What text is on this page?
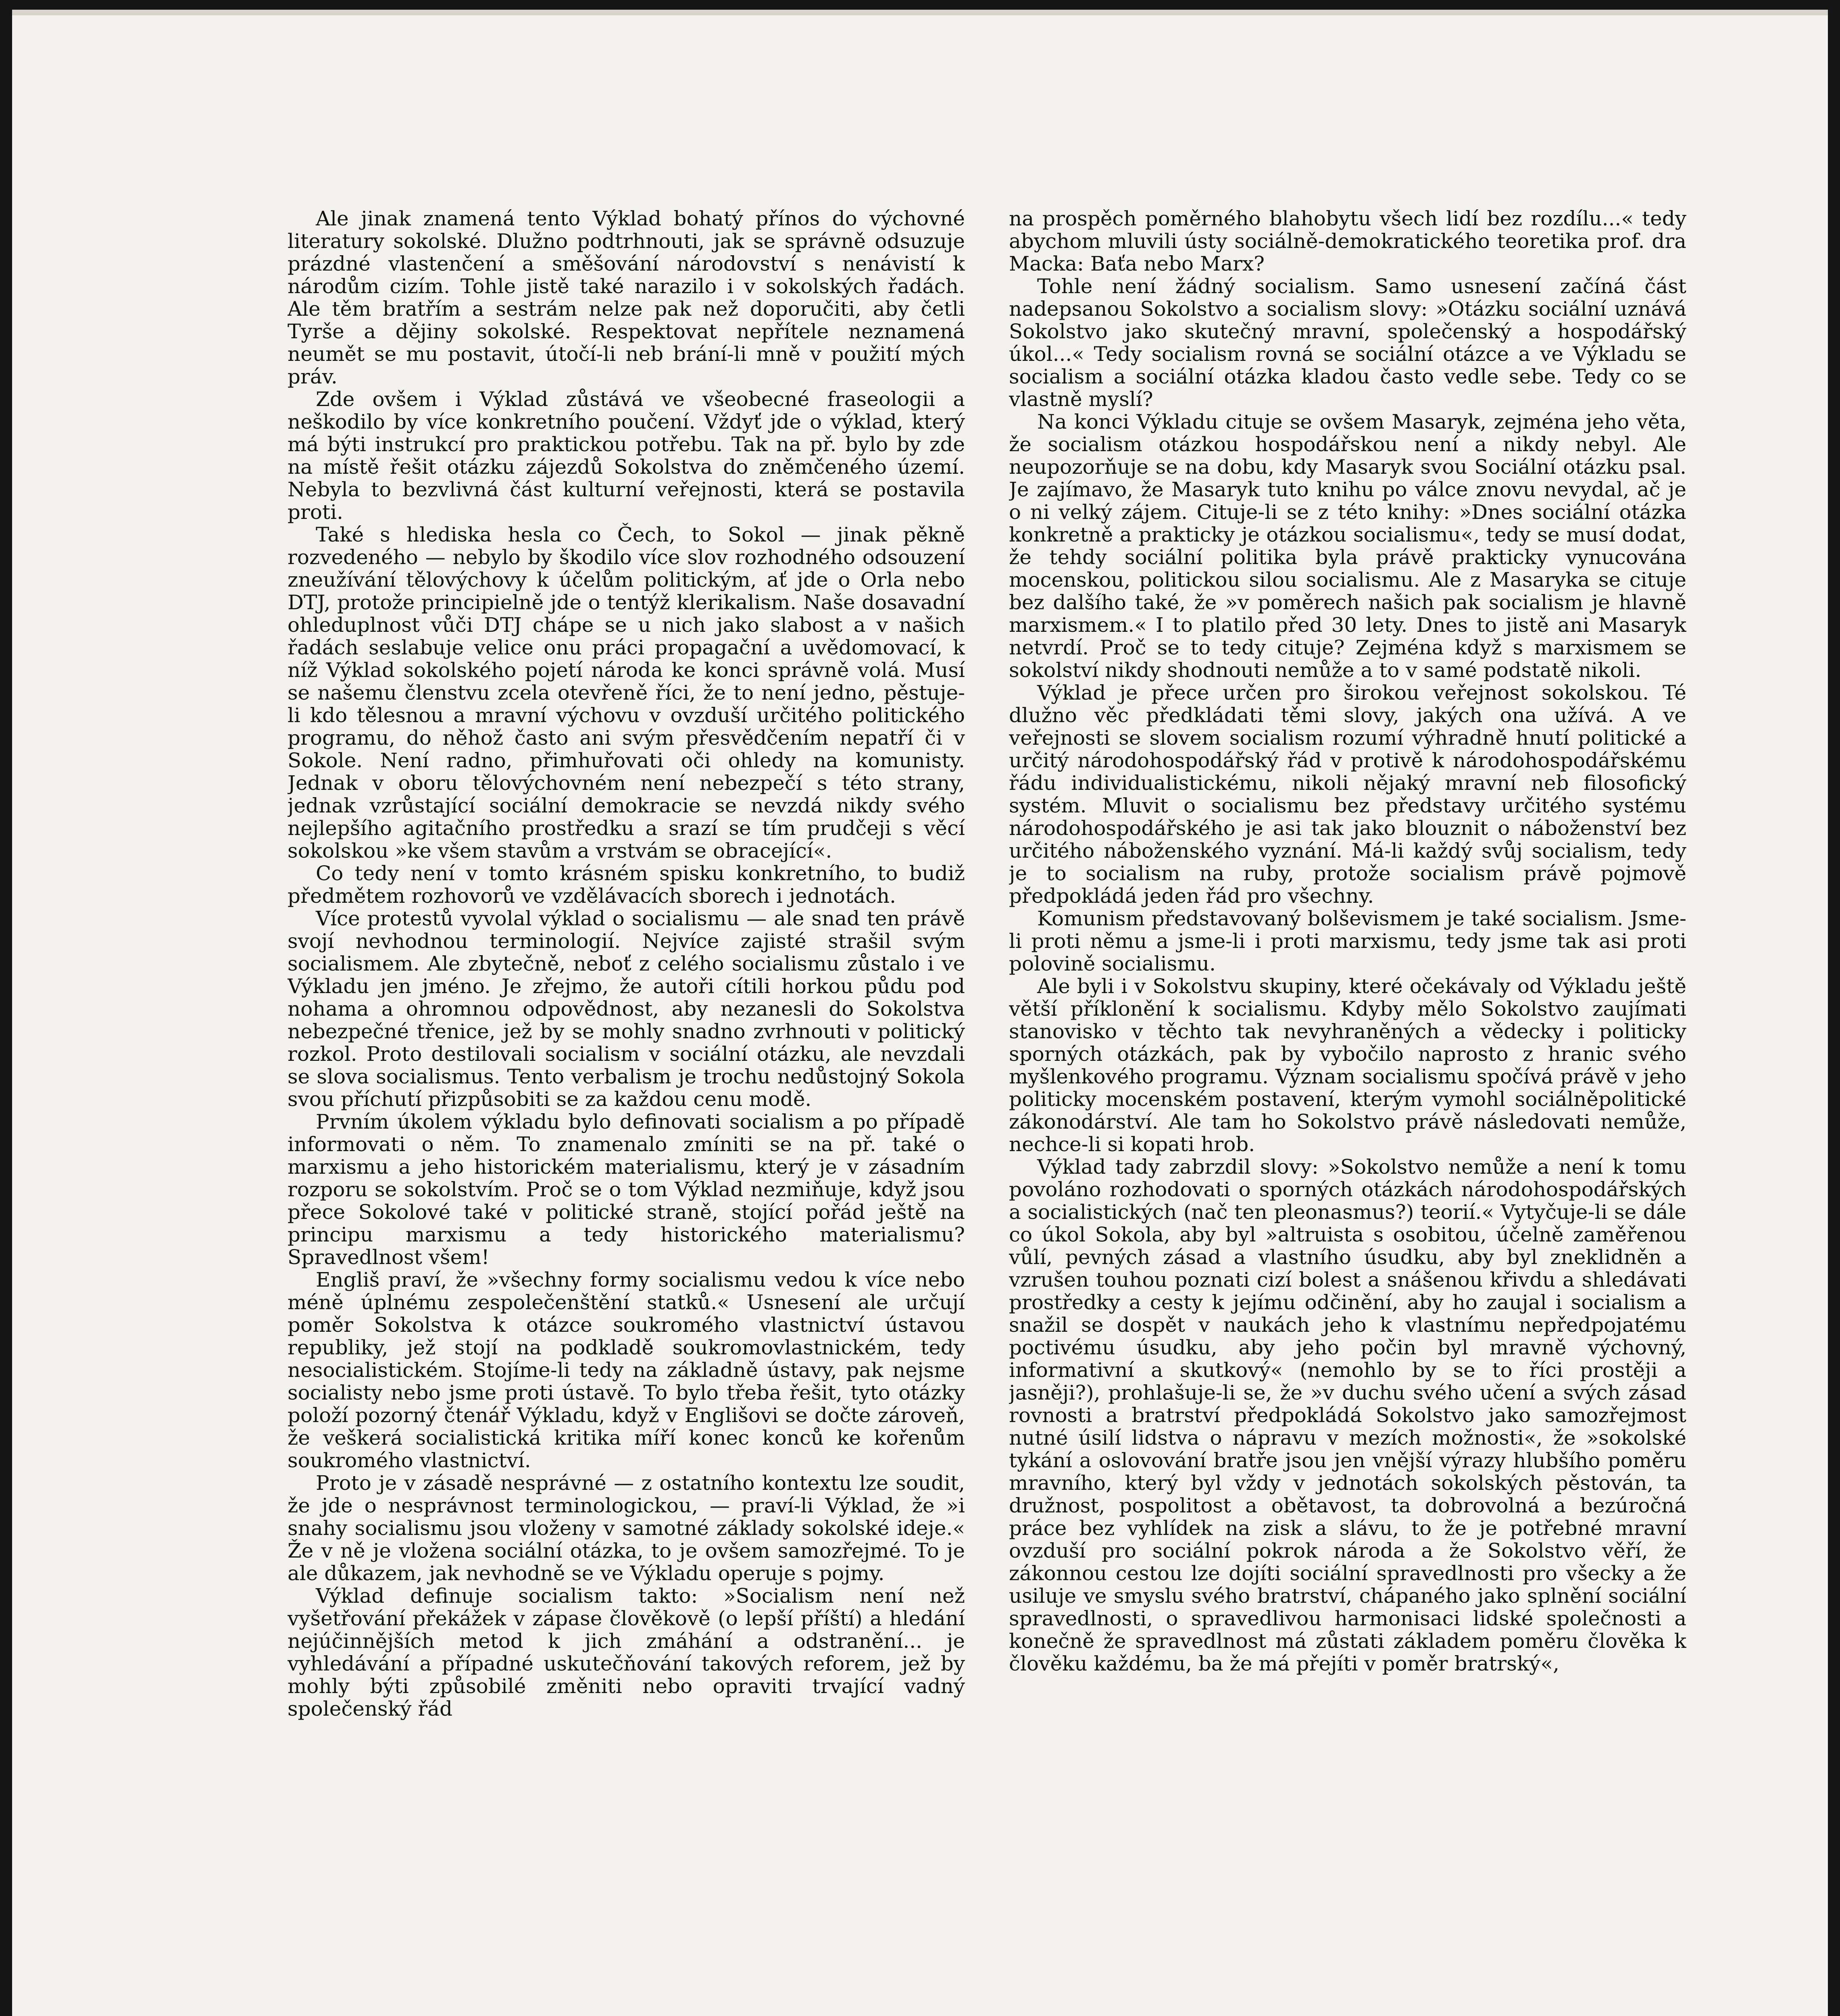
Ale jinak znamená tento Výklad bohatý přínos do výchovné literatury sokolské. Dlužno podtrhnouti, jak se správně odsuzuje prázdné vlastenčení a směšování národovství s nenávistí k národům cizím. Tohle jistě také narazilo i v sokolských řadách. Ale těm bratřím a sestrám nelze pak než doporučiti, aby četli Tyrše a dějiny sokolské. Respektovat nepřítele neznamená neumět se mu postavit, útočí-li neb brání-li mně v použití mých práv.

Zde ovšem i Výklad zůstává ve všeobecné fraseologii a neškodilo by více konkretního poučení. Vždyť jde o výklad, který má býti instrukcí pro praktickou potřebu. Tak na př. bylo by zde na místě řešit otázku zájezdů Sokolstva do zněmčeného území. Nebyla to bezvlivná část kulturní veřejnosti, která se postavila proti.

Také s hlediska hesla co Čech, to Sokol — jinak pěkně rozvedeného — nebylo by škodilo více slov rozhodného odsouzení zneužívání tělovýchovy k účelům politickým, ať jde o Orla nebo DTJ, protože principielně jde o tentýž klerikalism. Naše dosavadní ohleduplnost vůči DTJ chápe se u nich jako slabost a v našich řadách seslabuje velice onu práci propagační a uvědomovací, k níž Výklad sokolského pojetí národa ke konci správně volá. Musí se našemu členstvu zcela otevřeně říci, že to není jedno, pěstuje-li kdo tělesnou a mravní výchovu v ovzduší určitého politického programu, do něhož často ani svým přesvědčením nepatří či v Sokole. Není radno, přimhuřovati oči ohledy na komunisty. Jednak v oboru tělovýchovném není nebezpečí s této strany, jednak vzrůstající sociální demokracie se nevzdá nikdy svého nejlepšího agitačního prostředku a srazí se tím prudčeji s věcí sokolskou »ke všem stavům a vrstvám se obracející«.

Co tedy není v tomto krásném spisku konkretního, to budiž předmětem rozhovorů ve vzdělávacích sborech i jednotách.

Více protestů vyvolal výklad o socialismu — ale snad ten právě svojí nevhodnou terminologií. Nejvíce zajisté strašil svým socialismem. Ale zbytečně, neboť z celého socialismu zůstalo i ve Výkladu jen jméno. Je zřejmo, že autoři cítili horkou půdu pod nohama a ohromnou odpovědnost, aby nezanesli do Sokolstva nebezpečné třenice, jež by se mohly snadno zvrhnouti v politický rozkol. Proto destilovali socialism v sociální otázku, ale nevzdali se slova socialismus. Tento verbalism je trochu nedůstojný Sokola svou příchutí přizpůsobiti se za každou cenu modě.

Prvním úkolem výkladu bylo definovati socialism a po případě informovati o něm. To znamenalo zmíniti se na př. také o marxismu a jeho historickém materialismu, který je v zásadním rozporu se sokolstvím. Proč se o tom Výklad nezmiňuje, když jsou přece Sokolové také v politické straně, stojící pořád ještě na principu marxismu a tedy historického materialismu? Spravedlnost všem!

Engliš praví, že »všechny formy socialismu vedou k více nebo méně úplnému zespolečenštění statků.« Usnesení ale určují poměr Sokolstva k otázce soukromého vlastnictví ústavou republiky, jež stojí na podkladě soukromovlastnickém, tedy nesocialistickém. Stojíme-li tedy na základně ústavy, pak nejsme socialisty nebo jsme proti ústavě. To bylo třeba řešit, tyto otázky položí pozorný čtenář Výkladu, když v Englišovi se dočte zároveň, že veškerá socialistická kritika míří konec konců ke kořenům soukromého vlastnictví.

Proto je v zásadě nesprávné — z ostatního kontextu lze soudit, že jde o nesprávnost terminologickou, — praví-li Výklad, že »i snahy socialismu jsou vloženy v samotné základy sokolské ideje.« Že v ně je vložena sociální otázka, to je ovšem samozřejmé. To je ale důkazem, jak nevhodně se ve Výkladu operuje s pojmy.

Výklad definuje socialism takto: »Socialism není než vyšetřování překážek v zápase člověkově (o lepší příští) a hledání nejúčinnějších metod k jich zmáhání a odstranění... je vyhledávání a případné uskutečňování takových reforem, jež by mohly býti způsobilé změniti nebo opraviti trvající vadný společenský řád

na prospěch poměrného blahobytu všech lidí bez rozdílu...« tedy abychom mluvili ústy sociálně-demokratického teoretika prof. dra Macka: Baťa nebo Marx?

Tohle není žádný socialism. Samo usnesení začíná část nadepsanou Sokolstvo a socialism slovy: »Otázku sociální uznává Sokolstvo jako skutečný mravní, společenský a hospodářský úkol...« Tedy socialism rovná se sociální otázce a ve Výkladu se socialism a sociální otázka kladou často vedle sebe. Tedy co se vlastně myslí?

Na konci Výkladu cituje se ovšem Masaryk, zejména jeho věta, že socialism otázkou hospodářskou není a nikdy nebyl. Ale neupozorňuje se na dobu, kdy Masaryk svou Sociální otázku psal. Je zajímavo, že Masaryk tuto knihu po válce znovu nevydal, ač je o ni velký zájem. Cituje-li se z této knihy: »Dnes sociální otázka konkretně a prakticky je otázkou socialismu«, tedy se musí dodat, že tehdy sociální politika byla právě prakticky vynucována mocenskou, politickou silou socialismu. Ale z Masaryka se cituje bez dalšího také, že »v poměrech našich pak socialism je hlavně marxismem.« I to platilo před 30 lety. Dnes to jistě ani Masaryk netvrdí. Proč se to tedy cituje? Zejména když s marxismem se sokolství nikdy shodnouti nemůže a to v samé podstatě nikoli.

Výklad je přece určen pro širokou veřejnost sokolskou. Té dlužno věc předkládati těmi slovy, jakých ona užívá. A ve veřejnosti se slovem socialism rozumí výhradně hnutí politické a určitý národohospodářský řád v protivě k národohospodářskému řádu individualistickému, nikoli nějaký mravní neb filosofický systém. Mluvit o socialismu bez představy určitého systému národohospodářského je asi tak jako blouznit o náboženství bez určitého náboženského vyznání. Má-li každý svůj socialism, tedy je to socialism na ruby, protože socialism právě pojmově předpokládá jeden řád pro všechny.

Komunism představovaný bolševismem je také socialism. Jsme-li proti němu a jsme-li i proti marxismu, tedy jsme tak asi proti polovině socialismu.

Ale byli i v Sokolstvu skupiny, které očekávaly od Výkladu ještě větší příklonění k socialismu. Kdyby mělo Sokolstvo zaujímati stanovisko v těchto tak nevyhraněných a vědecky i politicky sporných otázkách, pak by vybočilo naprosto z hranic svého myšlenkového programu. Význam socialismu spočívá právě v jeho politicky mocenském postavení, kterým vymohl sociálněpolitické zákonodárství. Ale tam ho Sokolstvo právě následovati nemůže, nechce-li si kopati hrob.

Výklad tady zabrzdil slovy: »Sokolstvo nemůže a není k tomu povoláno rozhodovati o sporných otázkách národohospodářských a socialistických (nač ten pleonasmus?) teorií.« Vytyčuje-li se dále co úkol Sokola, aby byl »altruista s osobitou, účelně zaměřenou vůlí, pevných zásad a vlastního úsudku, aby byl zneklidněn a vzrušen touhou poznati cizí bolest a snášenou křivdu a shledávati prostředky a cesty k jejímu odčinění, aby ho zaujal i socialism a snažil se dospět v naukách jeho k vlastnímu nepředpojatému poctivému úsudku, aby jeho počin byl mravně výchovný, informativní a skutkový« (nemohlo by se to říci prostěji a jasněji?), prohlašuje-li se, že »v duchu svého učení a svých zásad rovnosti a bratrství předpokládá Sokolstvo jako samozřejmost nutné úsilí lidstva o nápravu v mezích možnosti«, že »sokolské tykání a oslovování bratře jsou jen vnější výrazy hlubšího poměru mravního, který byl vždy v jednotách sokolských pěstován, ta družnost, pospolitost a obětavost, ta dobrovolná a bezúročná práce bez vyhlídek na zisk a slávu, to že je potřebné mravní ovzduší pro sociální pokrok národa a že Sokolstvo věří, že zákonnou cestou lze dojíti sociální spravedlnosti pro všecky a že usiluje ve smyslu svého bratrství, chápaného jako splnění sociální spravedlnosti, o spravedlivou harmonisaci lidské společnosti a konečně že spravedlnost má zůstati základem poměru člověka k člověku každému, ba že má přejíti v poměr bratrský«,
